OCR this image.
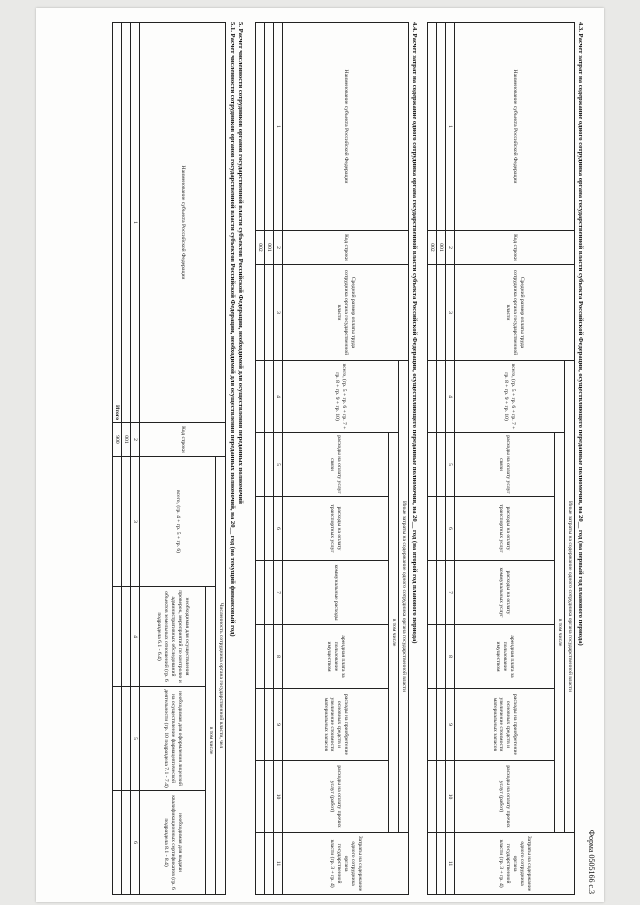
Форма 0505166 с.3
4.3. Расчет затрат на содержание одного сотрудника органа государственной власти субъекта Российской Федерации, осуществляющего переданные полномочия, на 20__ год (на первый год планового периода)
Наименование субъекта Российской Федерации	Код строки	Средний размер оплаты труда сотрудника органа государственной власти	Иные затраты на содержание одного сотрудника органа государственной власти							Затраты на содержание одного сотрудника органа государственной власти (гр. 3 + гр. 4)
			всего, (гр. 5 + гр. 6 + гр. 7 + гр. 8 + гр. 9 + гр. 10)	в том числе						
				расходы на оплату услуг связи	расходы на оплату транспортных услуг	расходы на оплату коммунальных услуг	арендная плата за пользование имуществом	расходы на приобретение основных средств и увеличение стоимости материальных запасов	расходы на оплату прочих услуг (работ)	
1	2	3	4	5	6	7	8	9	10	11
	001									
	002									
4.4. Расчет затрат на содержание одного сотрудника органа государственной власти субъекта Российской Федерации, осуществляющего переданные полномочия, на 20__ год (на второй год планового периода)
Наименование субъекта Российской Федерации	Код строки	Средний размер оплаты труда сотрудника органа государственной власти	Иные затраты на содержание одного сотрудника органа государственной власти							Затраты на содержание одного сотрудника органа государственной власти (гр. 3 + гр. 4)
			всего, (гр. 5 + гр. 6 + гр. 7 + гр. 8 + гр. 9 + гр. 10)	в том числе						
				расходы на оплату услуг связи	расходы на оплату транспортных услуг	коммунальные расходы	арендная плата за пользование имуществом	расходы на приобретение основных средств и увеличение стоимости материальных запасов	расходы на оплату прочих услуг (работ)	
1	2	3	4	5	6	7	8	9	10	11
	001									
	002									
5. Расчет численности сотрудников органов государственной власти субъектов Российской Федерации, необходимой для осуществления переданных полномочий
5.1. Расчет численности сотрудников органов государственной власти субъектов Российской Федерации, необходимой для осуществления переданных полномочий, на 20__ год (на текущий финансовый год)
Наименование субъекта Российской Федерации	Код строки	Численность сотрудника органа государственной власти, чел			
		всего, (гр. 4 + гр. 5 + гр. 6)	в том числе		
			необходимая для осуществления проверок, мероприятий по контролю и административных обследований объектов земельных отношений (гр. 6 подраздела 6.1 - 6.4)	необходимая для оформления лицензий на осуществление фармацевтической деятельности (гр. 10 подраздела 7.1 - 7.4)	необходимая для выдачи квалификационных сертификатов (гр. 6 подраздела 8.1 - 8.4)
1	2	3	4	5	6
	001				
Итого	900				
